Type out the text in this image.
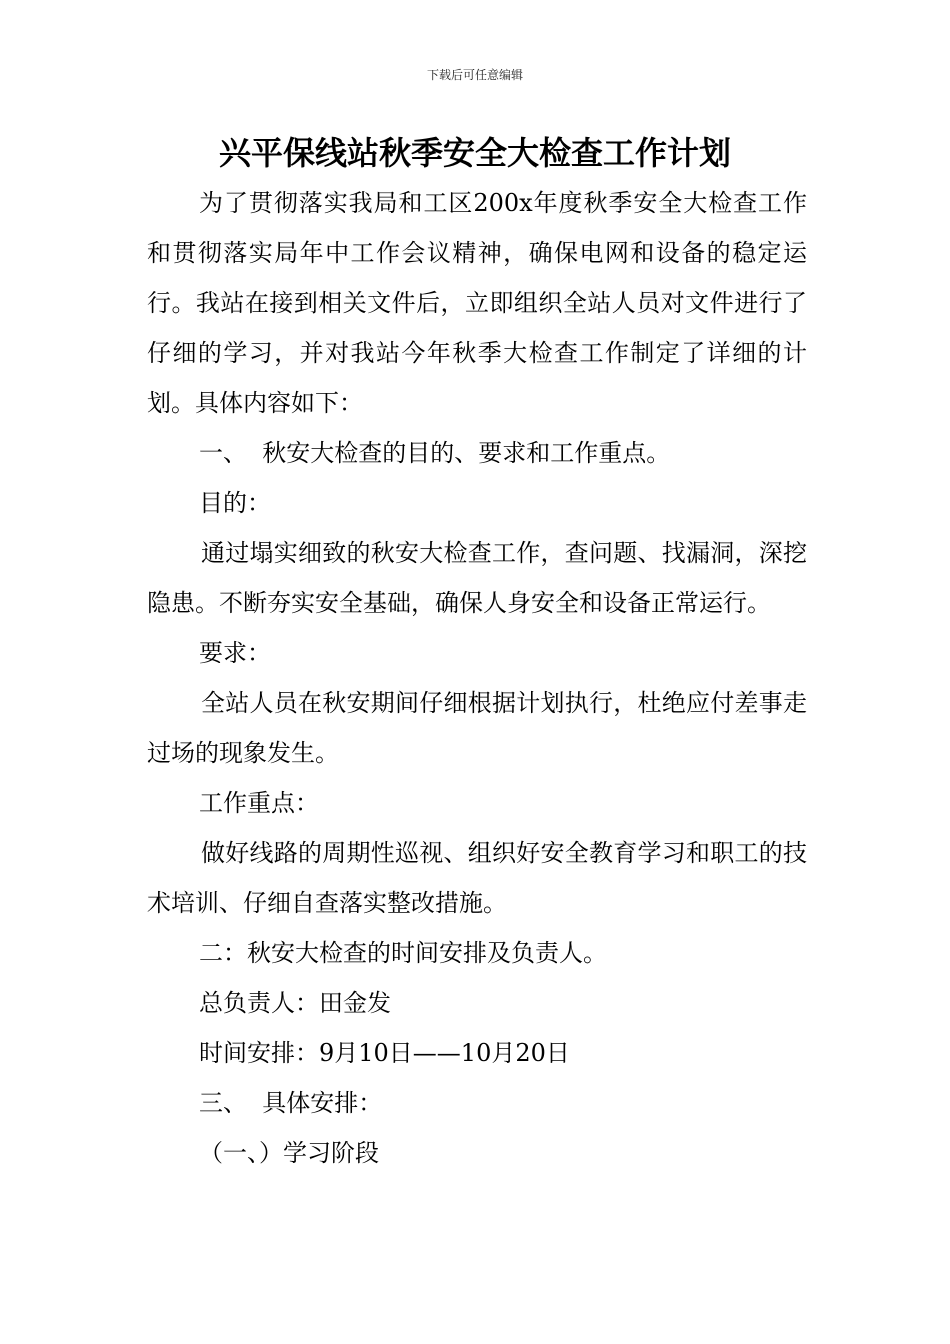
下载后可任意编辑
兴平保线站秋季安全大检查工作计划

为了贯彻落实我局和工区200x年度秋季安全大检查工作和贯彻落实局年中工作会议精神，确保电网和设备的稳定运行。我站在接到相关文件后，立即组织全站人员对文件进行了仔细的学习，并对我站今年秋季大检查工作制定了详细的计划。具体内容如下：

一、  秋安大检查的目的、要求和工作重点。

目的：

通过塌实细致的秋安大检查工作，查问题、找漏洞，深挖隐患。不断夯实安全基础，确保人身安全和设备正常运行。

要求：

全站人员在秋安期间仔细根据计划执行，杜绝应付差事走过场的现象发生。

工作重点：

做好线路的周期性巡视、组织好安全教育学习和职工的技术培训、仔细自查落实整改措施。

二：秋安大检查的时间安排及负责人。

总负责人：田金发

时间安排：9月10日——10月20日

三、  具体安排：

（一、）学习阶段
